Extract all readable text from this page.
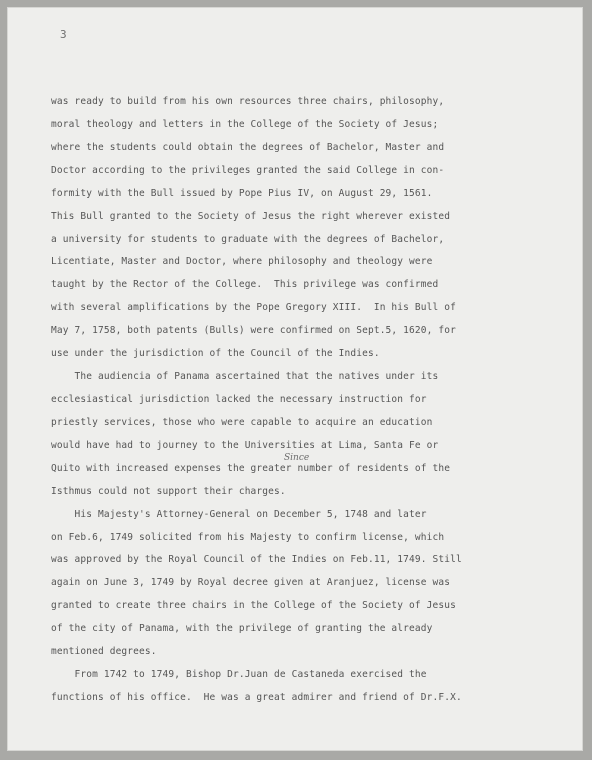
3
was ready to build from his own resources three chairs, philosophy,
moral theology and letters in the College of the Society of Jesus;
where the students could obtain the degrees of Bachelor, Master and
Doctor according to the privileges granted the said College in con-
formity with the Bull issued by Pope Pius IV, on August 29, 1561.
This Bull granted to the Society of Jesus the right wherever existed
a university for students to graduate with the degrees of Bachelor,
Licentiate, Master and Doctor, where philosophy and theology were
taught by the Rector of the College.  This privilege was confirmed
with several amplifications by the Pope Gregory XIII.  In his Bull of
May 7, 1758, both patents (Bulls) were confirmed on Sept.5, 1620, for
use under the jurisdiction of the Council of the Indies.
The audiencia of Panama ascertained that the natives under its
ecclesiastical jurisdiction lacked the necessary instruction for
priestly services, those who were capable to acquire an education
would have had to journey to the Universities at Lima, Santa Fe or
Quito with increased expenses the greater number of residents of the
Isthmus could not support their charges.
His Majesty's Attorney-General on December 5, 1748 and later
on Feb.6, 1749 solicited from his Majesty to confirm license, which
was approved by the Royal Council of the Indies on Feb.11, 1749. Still
again on June 3, 1749 by Royal decree given at Aranjuez, license was
granted to create three chairs in the College of the Society of Jesus
of the city of Panama, with the privilege of granting the already
mentioned degrees.
From 1742 to 1749, Bishop Dr.Juan de Castaneda exercised the
functions of his office.  He was a great admirer and friend of Dr.F.X.
Since
